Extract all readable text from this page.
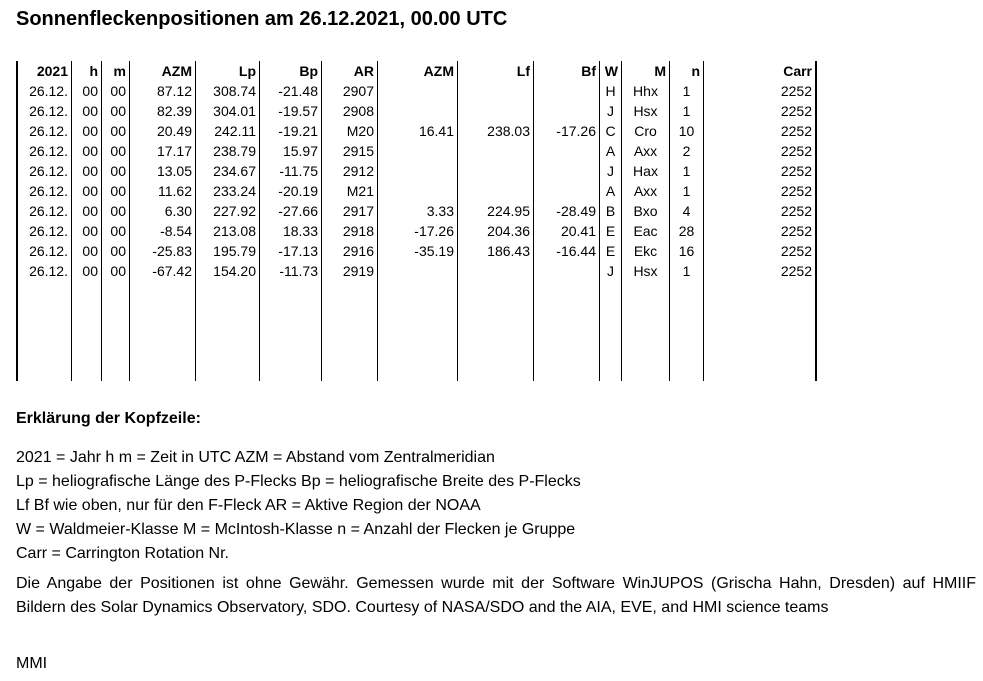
Sonnenfleckenpositionen am 26.12.2021, 00.00 UTC
2021	h	m	AZM	Lp	Bp	AR	AZM	Lf	Bf	W	M	n	Carr
26.12.	00	00	87.12	308.74	-21.48	2907				H	Hhx	1	2252
26.12.	00	00	82.39	304.01	-19.57	2908				J	Hsx	1	2252
26.12.	00	00	20.49	242.11	-19.21	M20	16.41	238.03	-17.26	C	Cro	10	2252
26.12.	00	00	17.17	238.79	15.97	2915				A	Axx	2	2252
26.12.	00	00	13.05	234.67	-11.75	2912				J	Hax	1	2252
26.12.	00	00	11.62	233.24	-20.19	M21				A	Axx	1	2252
26.12.	00	00	6.30	227.92	-27.66	2917	3.33	224.95	-28.49	B	Bxo	4	2252
26.12.	00	00	-8.54	213.08	18.33	2918	-17.26	204.36	20.41	E	Eac	28	2252
26.12.	00	00	-25.83	195.79	-17.13	2916	-35.19	186.43	-16.44	E	Ekc	16	2252
26.12.	00	00	-67.42	154.20	-11.73	2919				J	Hsx	1	2252

Erklärung der Kopfzeile:
2021 = Jahr h m = Zeit in UTC AZM = Abstand vom Zentralmeridian
Lp = heliografische Länge des P-Flecks Bp = heliografische Breite des P-Flecks
Lf Bf wie oben, nur für den F-Fleck AR = Aktive Region der NOAA
W = Waldmeier-Klasse M = McIntosh-Klasse n = Anzahl der Flecken je Gruppe
Carr = Carrington Rotation Nr.
Die Angabe der Positionen ist ohne Gewähr. Gemessen wurde mit der Software WinJUPOS (Grischa Hahn, Dresden) auf HMIIF Bildern des Solar Dynamics Observatory, SDO. Courtesy of NASA/SDO and the AIA, EVE, and HMI science teams
MMI
